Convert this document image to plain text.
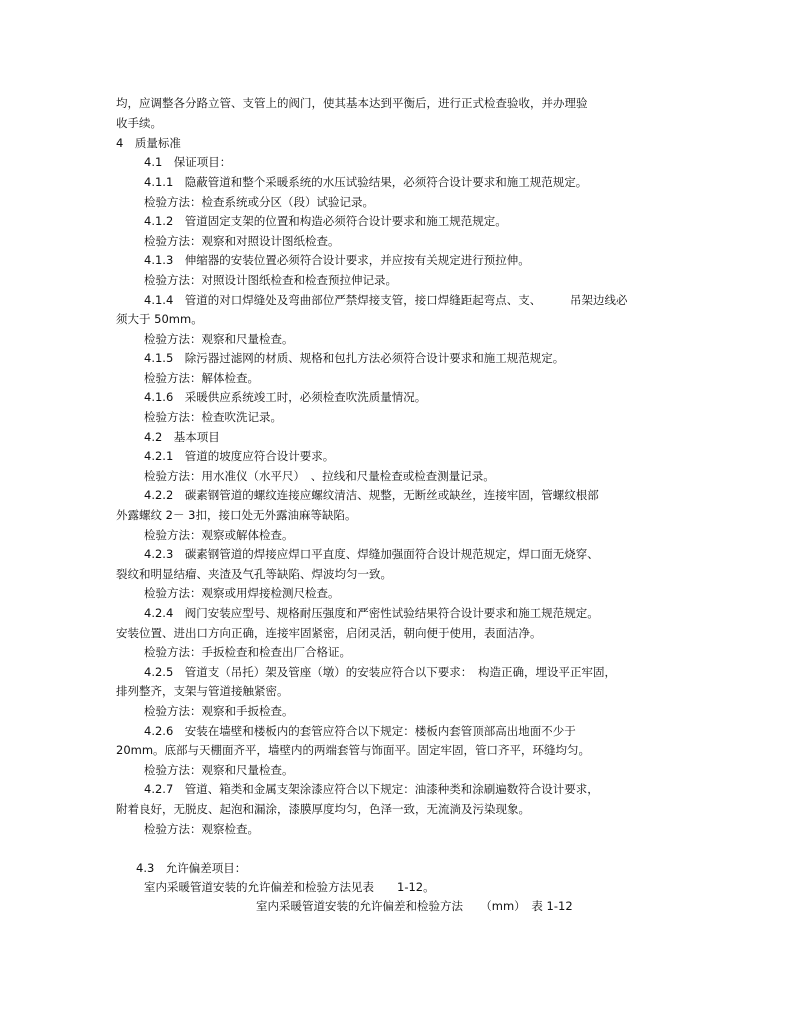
均，应调整各分路立管、支管上的阀门，使其基本达到平衡后，进行正式检查验收，并办理验
收手续。
4　质量标准
4.1　保证项目：
4.1.1　隐蔽管道和整个采暖系统的水压试验结果，必须符合设计要求和施工规范规定。
检验方法：检查系统或分区（段）试验记录。
4.1.2　管道固定支架的位置和构造必须符合设计要求和施工规范规定。
检验方法：观察和对照设计图纸检查。
4.1.3　伸缩器的安装位置必须符合设计要求，并应按有关规定进行预拉伸。
检验方法：对照设计图纸检查和检查预拉伸记录。
4.1.4　管道的对口焊缝处及弯曲部位严禁焊接支管，接口焊缝距起弯点、支、　　　吊架边线必
须大于 50mm。
检验方法：观察和尺量检查。
4.1.5　除污器过滤网的材质、规格和包扎方法必须符合设计要求和施工规范规定。
检验方法：解体检查。
4.1.6　采暖供应系统竣工时，必须检查吹洗质量情况。
检验方法：检查吹洗记录。
4.2　基本项目
4.2.1　管道的坡度应符合设计要求。
检验方法：用水准仪（水平尺）　、拉线和尺量检查或检查测量记录。
4.2.2　碳素钢管道的螺纹连接应螺纹清洁、规整，无断丝或缺丝，连接牢固，管螺纹根部
外露螺纹 2－ 3扣，接口处无外露油麻等缺陷。
检验方法：观察或解体检查。
4.2.3　碳素钢管道的焊接应焊口平直度、焊缝加强面符合设计规范规定，焊口面无烧穿、
裂纹和明显结瘤、夹渣及气孔等缺陷、焊波均匀一致。
检验方法：观察或用焊接检测尺检查。
4.2.4　阀门安装应型号、规格耐压强度和严密性试验结果符合设计要求和施工规范规定。
安装位置、进出口方向正确，连接牢固紧密，启闭灵活，朝向便于使用，表面洁净。
检验方法：手扳检查和检查出厂合格证。
4.2.5　管道支（吊托）架及管座（墩）的安装应符合以下要求：　构造正确，埋设平正牢固，
排列整齐，支架与管道接触紧密。
检验方法：观察和手扳检查。
4.2.6　安装在墙壁和楼板内的套管应符合以下规定：楼板内套管顶部高出地面不少于
20mm。底部与天棚面齐平，墙壁内的两端套管与饰面平。固定牢固，管口齐平，环缝均匀。
检验方法：观察和尺量检查。
4.2.7　管道、箱类和金属支架涂漆应符合以下规定：油漆种类和涂刷遍数符合设计要求，
附着良好，无脱皮、起泡和漏涂，漆膜厚度均匀，色泽一致，无流淌及污染现象。
检验方法：观察检查。
4.3　允许偏差项目：
室内采暖管道安装的允许偏差和检验方法见表　　1-12。
室内采暖管道安装的允许偏差和检验方法　　（mm）　表 1-12
